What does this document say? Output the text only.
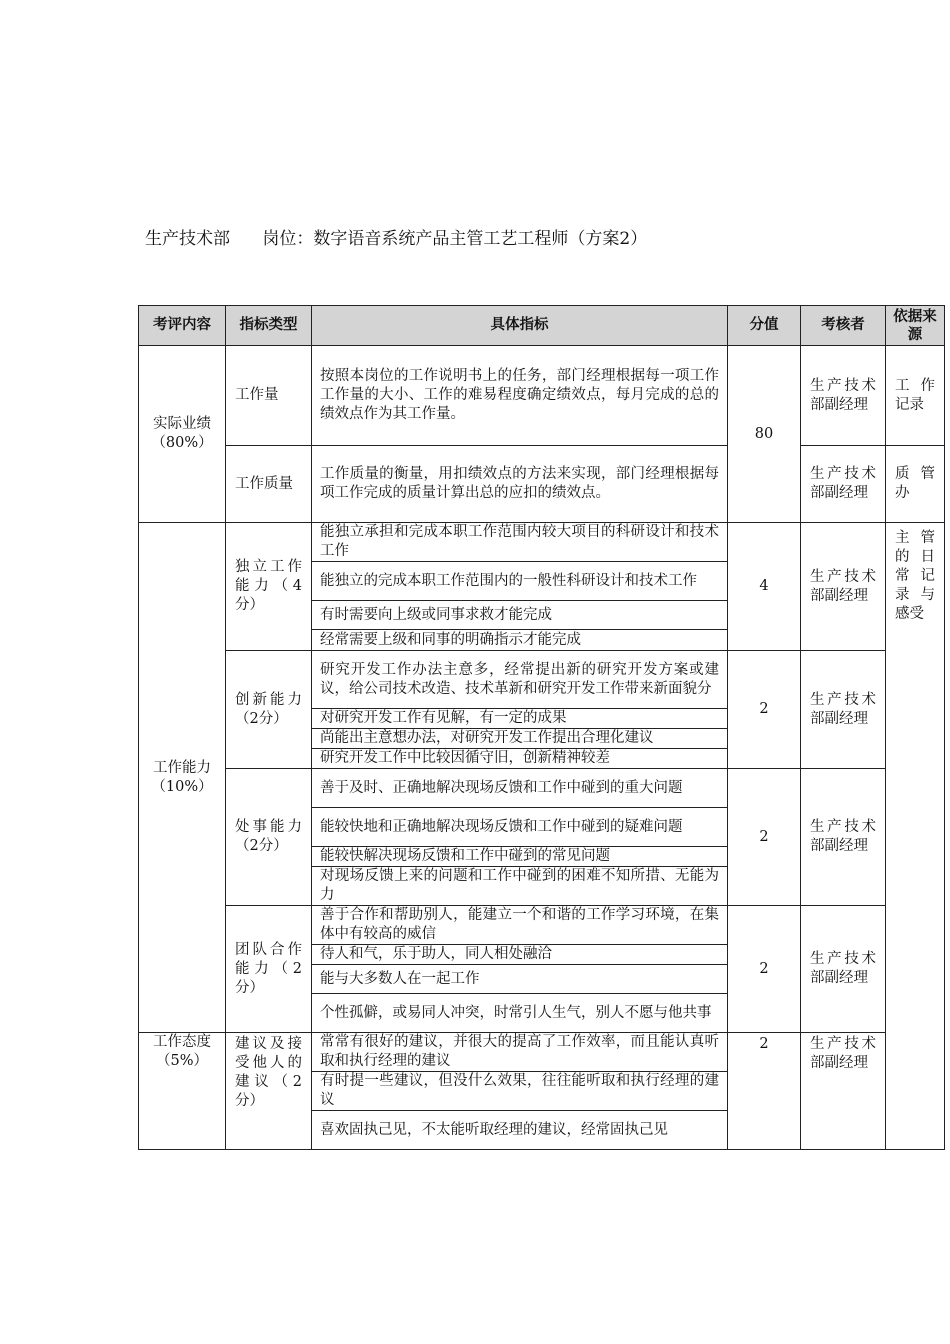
生产技术部      岗位：数字语音系统产品主管工艺工程师（方案2）
考评内容	指标类型	具体指标	分值	考核者	依据来源
实际业绩（80%）	工作量	按照本岗位的工作说明书上的任务，部门经理根据每一项工作工作量的大小、工作的难易程度确定绩效点，每月完成的总的绩效点作为其工作量。	80	生产技术部副经理	工 作记录
	工作质量	工作质量的衡量，用扣绩效点的方法来实现，部门经理根据每项工作完成的质量计算出总的应扣的绩效点。		生产技术部副经理	质 管办
工作能力（10%）	独立工作能力（4分）	能独立承担和完成本职工作范围内较大项目的科研设计和技术工作	4	生产技术部副经理	主 管的 日常 记录 与感受
		能独立的完成本职工作范围内的一般性科研设计和技术工作			
		有时需要向上级或同事求救才能完成			
		经常需要上级和同事的明确指示才能完成			
	创新能力（2分）	研究开发工作办法主意多，经常提出新的研究开发方案或建议，给公司技术改造、技术革新和研究开发工作带来新面貌分	2	生产技术部副经理	
		对研究开发工作有见解，有一定的成果			
		尚能出主意想办法，对研究开发工作提出合理化建议			
		研究开发工作中比较因循守旧，创新精神较差			
	处事能力（2分）	善于及时、正确地解决现场反馈和工作中碰到的重大问题	2	生产技术部副经理	
		能较快地和正确地解决现场反馈和工作中碰到的疑难问题			
		能较快解决现场反馈和工作中碰到的常见问题			
		对现场反馈上来的问题和工作中碰到的困难不知所措、无能为力			
	团队合作能力（2分）	善于合作和帮助别人，能建立一个和谐的工作学习环境，在集体中有较高的威信	2	生产技术部副经理	
		待人和气，乐于助人，同人相处融洽			
		能与大多数人在一起工作			
		个性孤僻，或易同人冲突，时常引人生气，别人不愿与他共事			
工作态度（5%）	建议及接受他人的建议（2分）	常常有很好的建议，并很大的提高了工作效率，而且能认真听取和执行经理的建议	2	生产技术部副经理	
		有时提一些建议，但没什么效果，往往能听取和执行经理的建议			
		喜欢固执己见，不太能听取经理的建议，经常固执己见			
